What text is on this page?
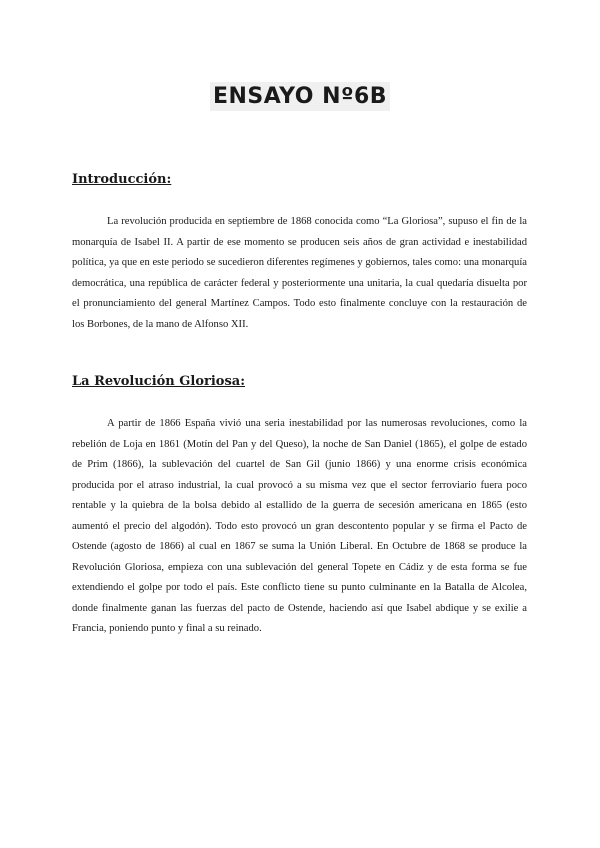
ENSAYO Nº6B
Introducción:

La revolución producida en septiembre de 1868 conocida como “La Gloriosa”, supuso el fin de la monarquía de Isabel II. A partir de ese momento se producen seis años de gran actividad e inestabilidad política, ya que en este periodo se sucedieron diferentes regímenes y gobiernos, tales como: una monarquía democrática, una república de carácter federal y posteriormente una unitaria, la cual quedaría disuelta por el pronunciamiento del general Martínez Campos. Todo esto finalmente concluye con la restauración de los Borbones, de la mano de Alfonso XII.

La Revolución Gloriosa:

A partir de 1866 España vivió una seria inestabilidad por las numerosas revoluciones, como la rebelión de Loja en 1861 (Motín del Pan y del Queso), la noche de San Daniel (1865), el golpe de estado de Prim (1866), la sublevación del cuartel de San Gil (junio 1866) y una enorme crisis económica producida por el atraso industrial, la cual provocó a su misma vez que el sector ferroviario fuera poco rentable y la quiebra de la bolsa debido al estallido de la guerra de secesión americana en 1865 (esto aumentó el precio del algodón). Todo esto provocó un gran descontento popular y se firma el Pacto de Ostende (agosto de 1866) al cual en 1867 se suma la Unión Liberal. En Octubre de 1868 se produce la Revolución Gloriosa, empieza con una sublevación del general Topete en Cádiz y de esta forma se fue extendiendo el golpe por todo el país. Este conflicto tiene su punto culminante en la Batalla de Alcolea, donde finalmente ganan las fuerzas del pacto de Ostende, haciendo así que Isabel abdique y se exilie a Francia, poniendo punto y final a su reinado.
